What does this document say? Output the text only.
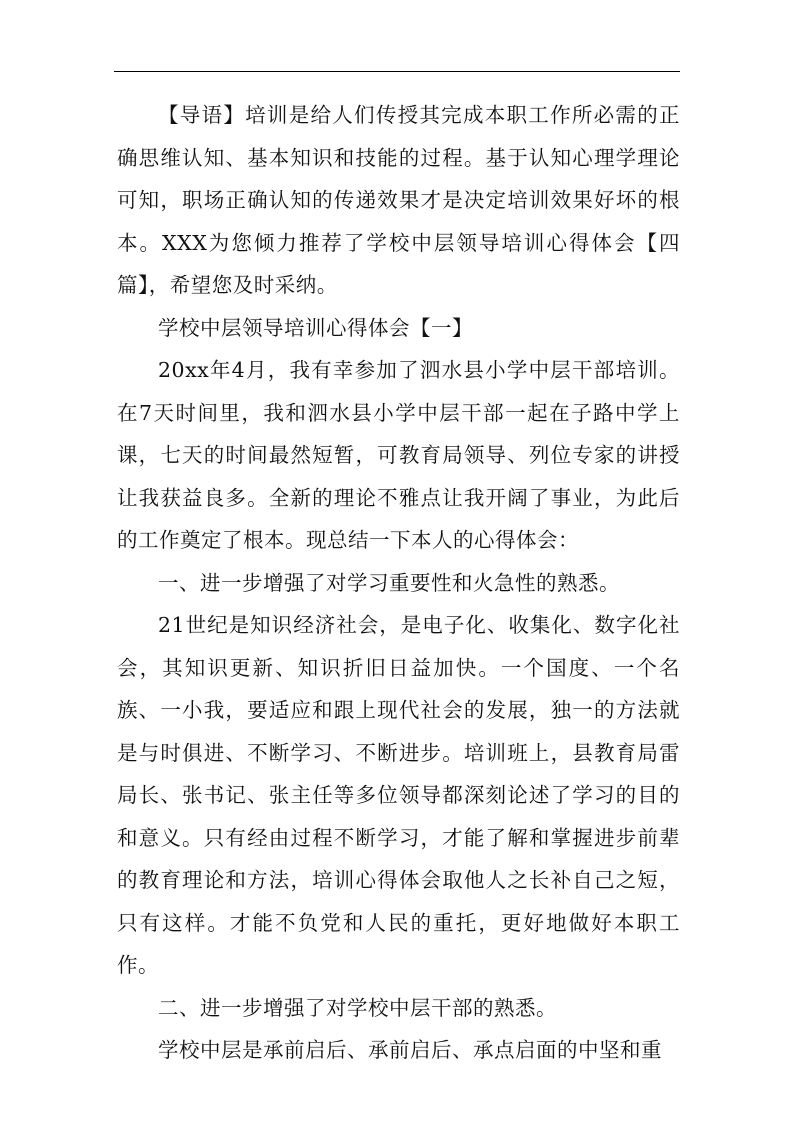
【导语】培训是给人们传授其完成本职工作所必需的正确思维认知、基本知识和技能的过程。基于认知心理学理论可知，职场正确认知的传递效果才是决定培训效果好坏的根本。XXX为您倾力推荐了学校中层领导培训心得体会【四篇】，希望您及时采纳。

学校中层领导培训心得体会【一】

20xx年4月，我有幸参加了泗水县小学中层干部培训。在7天时间里，我和泗水县小学中层干部一起在子路中学上课，七天的时间最然短暂，可教育局领导、列位专家的讲授让我获益良多。全新的理论不雅点让我开阔了事业，为此后的工作奠定了根本。现总结一下本人的心得体会：

一、进一步增强了对学习重要性和火急性的熟悉。

21世纪是知识经济社会，是电子化、收集化、数字化社会，其知识更新、知识折旧日益加快。一个国度、一个名族、一小我，要适应和跟上现代社会的发展，独一的方法就是与时俱进、不断学习、不断进步。培训班上，县教育局雷局长、张书记、张主任等多位领导都深刻论述了学习的目的和意义。只有经由过程不断学习，才能了解和掌握进步前辈的教育理论和方法，培训心得体会取他人之长补自己之短，只有这样。才能不负党和人民的重托，更好地做好本职工作。

二、进一步增强了对学校中层干部的熟悉。

学校中层是承前启后、承前启后、承点启面的中坚和重
